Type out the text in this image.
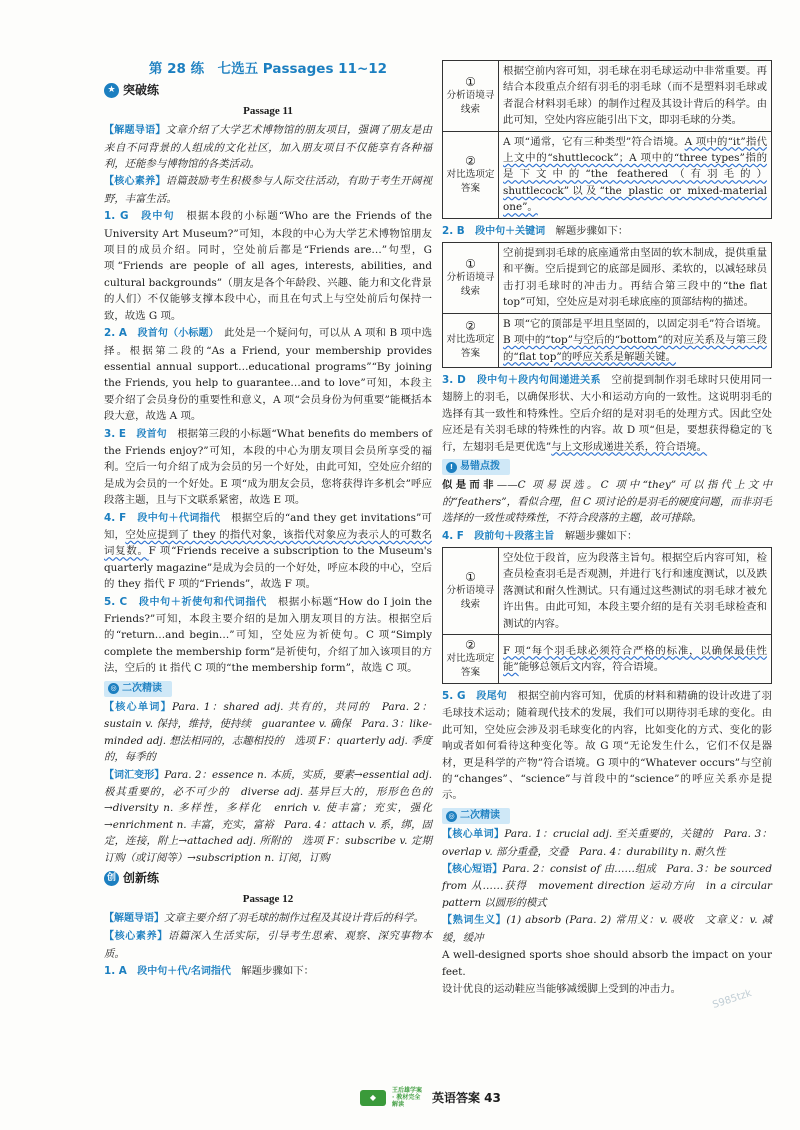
第 28 练　七选五 Passages 11~12
★ 突破练
Passage 11

【解题导语】文章介绍了大学艺术博物馆的朋友项目，强调了朋友是由来自不同背景的人组成的文化社区，加入朋友项目不仅能享有各种福利，还能参与博物馆的各类活动。

【核心素养】语篇鼓励考生积极参与人际交往活动，有助于考生开阔视野，丰富生活。

1. G　 段中句　 根据本段的小标题“Who are the Friends of the University Art Museum?”可知，本段的中心为大学艺术博物馆朋友项目的成员介绍。同时，空处前后都是“Friends are…”句型，G 项“Friends are people of all ages, interests, abilities, and cultural backgrounds”（朋友是各个年龄段、兴趣、能力和文化背景的人们）不仅能够支撑本段中心，而且在句式上与空处前后句保持一致，故选 G 项。

2. A　 段首句（小标题）　 此处是一个疑问句，可以从 A 项和 B 项中选择。根据第二段的“As a Friend, your membership provides essential annual support…educational programs”“By joining the Friends, you help to guarantee…and to love”可知，本段主要介绍了会员身份的重要性和意义，A 项“会员身份为何重要”能概括本段大意，故选 A 项。

3. E　 段首句　 根据第三段的小标题“What benefits do members of the Friends enjoy?”可知，本段的中心为朋友项目会员所享受的福利。空后一句介绍了成为会员的另一个好处，由此可知，空处应介绍的是成为会员的一个好处。E 项“成为朋友会员，您将获得许多机会”呼应段落主题，且与下文联系紧密，故选 E 项。

4. F　 段中句＋代词指代　 根据空后的“and they get invitations”可知，空处应提到了 they 的指代对象，该指代对象应为表示人的可数名词复数。F 项“Friends receive a subscription to the Museum's quarterly magazine”是成为会员的一个好处，呼应本段的中心，空后的 they 指代 F 项的“Friends”，故选 F 项。

5. C　 段中句＋祈使句和代词指代　 根据小标题“How do I join the Friends?”可知，本段主要介绍的是加入朋友项目的方法。根据空后的“return…and begin…”可知，空处应为祈使句。C 项“Simply complete the membership form”是祈使句，介绍了加入该项目的方法，空后的 it 指代 C 项的“the membership form”，故选 C 项。

◎ 二次精读

【核心单词】Para. 1：shared adj. 共有的，共同的　Para. 2：sustain v. 保持，维持，使持续　guarantee v. 确保　Para. 3：like-minded adj. 想法相同的，志趣相投的　选项 F：quarterly adj. 季度的，每季的

【词汇变形】Para. 2：essence n. 本质，实质，要素→essential adj. 极其重要的，必不可少的　diverse adj. 基异巨大的，形形色色的→diversity n. 多样性，多样化　enrich v. 使丰富；充实，强化→enrichment n. 丰富，充实，富裕　Para. 4：attach v. 系，绑，固定，连接，附上→attached adj. 所附的　选项 F：subscribe v. 定期订购（或订阅等）→subscription n. 订阅，订购

创 创新练
Passage 12

【解题导语】文章主要介绍了羽毛球的制作过程及其设计背后的科学。

【核心素养】语篇深入生活实际，引导考生思索、观察、深究事物本质。

1. A　 段中句＋代/名词指代　 解题步骤如下：

①
分析语境寻线索	根据空前内容可知，羽毛球在羽毛球运动中非常重要。再结合本段重点介绍有羽毛的羽毛球（而不是塑料羽毛球或者混合材料羽毛球）的制作过程及其设计背后的科学。由此可知，空处内容应能引出下文，即羽毛球的分类。

②
对比选项定答案	A 项“通常，它有三种类型”符合语境。A 项中的“it”指代上文中的“shuttlecock”；A 项中的“three types”指的是下文中的“the feathered（有羽毛的）shuttlecock”以及“the plastic or mixed-material one”。

2. B　 段中句＋关键词　 解题步骤如下：

①
分析语境寻线索	空前提到羽毛球的底座通常由坚固的软木制成，提供重量和平衡。空后提到它的底部是圆形、柔软的，以减轻球员击打羽毛球时的冲击力。再结合第三段中的“the flat top”可知，空处应是对羽毛球底座的顶部结构的描述。

②
对比选项定答案	B 项“它的顶部是平坦且坚固的，以固定羽毛”符合语境。B 项中的“top”与空后的“bottom”的对应关系及与第三段的“flat top”的呼应关系是解题关键。

3. D　 段中句＋段内句间递进关系　 空前提到制作羽毛球时只使用同一翅膀上的羽毛，以确保形状、大小和运动方向的一致性。这说明羽毛的选择有其一致性和特殊性。空后介绍的是对羽毛的处理方式。因此空处应还是有关羽毛球的特殊性的内容。故 D 项“但是，要想获得稳定的飞行，左翅羽毛是更优选”与上文形成递进关系，符合语境。

! 易错点拨

似是而非——C 项易误选。C 项中“they”可以指代上文中的“feathers”，看似合理，但 C 项讨论的是羽毛的硬度问题，而非羽毛选择的一致性或特殊性，不符合段落的主题，故可排除。

4. F　 段前句＋段落主旨　 解题步骤如下：

①
分析语境寻线索	空处位于段首，应为段落主旨句。根据空后内容可知，检查员检查羽毛是否观测，并进行飞行和速度测试，以及跌落测试和耐久性测试。只有通过这些测试的羽毛球才被允许出售。由此可知，本段主要介绍的是有关羽毛球检查和测试的内容。

②
对比选项定答案	F 项“每个羽毛球必须符合严格的标准，以确保最佳性能”能够总领后文内容，符合语境。

5. G　 段尾句　 根据空前内容可知，优质的材料和精确的设计改进了羽毛球技术运动；随着现代技术的发展，我们可以期待羽毛球的变化。由此可知，空处应会涉及羽毛球变化的内容，比如变化的方式、变化的影响或者如何看待这种变化等。故 G 项“无论发生什么，它们不仅是器材，更是科学的产物”符合语境。G 项中的“Whatever occurs”与空前的“changes”、“science”与首段中的“science”的呼应关系亦是提示。

◎ 二次精读

【核心单词】Para. 1：crucial adj. 至关重要的，关键的　Para. 3：overlap v. 部分重叠，交叠　Para. 4：durability n. 耐久性

【核心短语】Para. 2：consist of 由……组成　Para. 3：be sourced from 从……获得　movement direction 运动方向　in a circular pattern 以圆形的模式

【熟词生义】(1) absorb (Para. 2) 常用义：v. 吸收　文章义：v. 减缓，缓冲

A well-designed sports shoe should absorb the impact on your feet.

设计优良的运动鞋应当能够减缓脚上受到的冲击力。	S985tzk
◆
王后雄学案 · 教材完全解读	英语答案 43
